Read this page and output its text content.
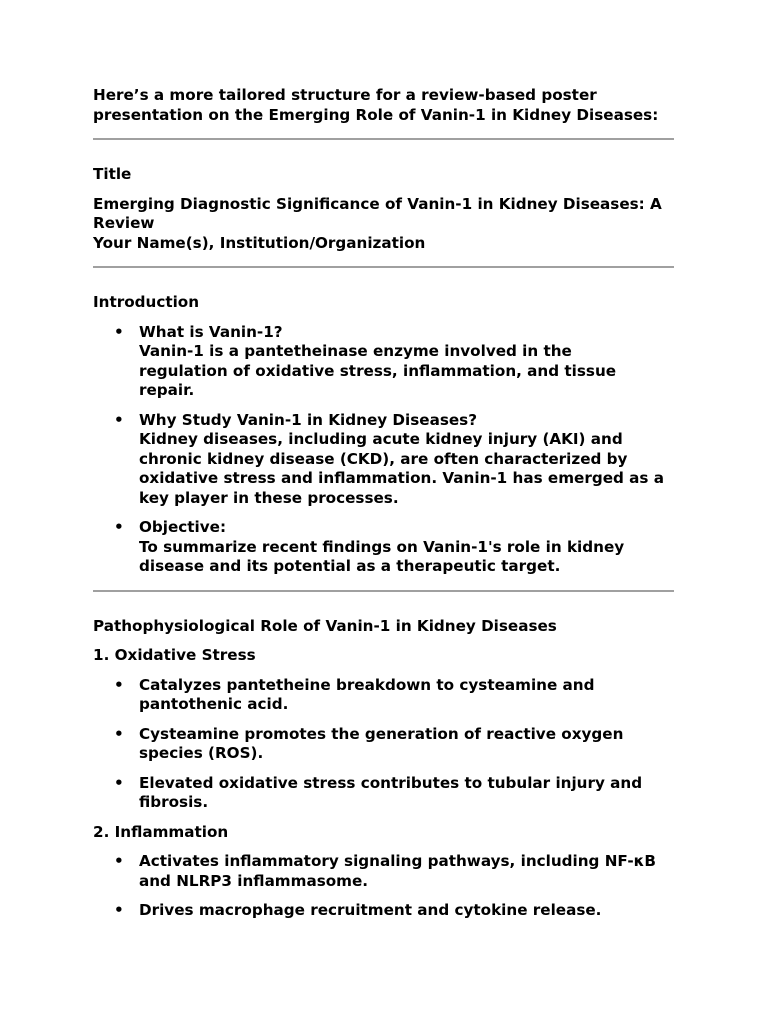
Here’s a more tailored structure for a review-based poster
presentation on the Emerging Role of Vanin-1 in Kidney Diseases:
Title
Emerging Diagnostic Significance of Vanin-1 in Kidney Diseases: A
Review
Your Name(s), Institution/Organization
Introduction
• What is Vanin-1?
Vanin-1 is a pantetheinase enzyme involved in the
regulation of oxidative stress, inflammation, and tissue
repair.
• Why Study Vanin-1 in Kidney Diseases?
Kidney diseases, including acute kidney injury (AKI) and
chronic kidney disease (CKD), are often characterized by
oxidative stress and inflammation. Vanin-1 has emerged as a
key player in these processes.
• Objective:
To summarize recent findings on Vanin-1's role in kidney
disease and its potential as a therapeutic target.
Pathophysiological Role of Vanin-1 in Kidney Diseases
1. Oxidative Stress
• Catalyzes pantetheine breakdown to cysteamine and
pantothenic acid.
• Cysteamine promotes the generation of reactive oxygen
species (ROS).
• Elevated oxidative stress contributes to tubular injury and
fibrosis.
2. Inflammation
• Activates inflammatory signaling pathways, including NF-κB
and NLRP3 inflammasome.
• Drives macrophage recruitment and cytokine release.
